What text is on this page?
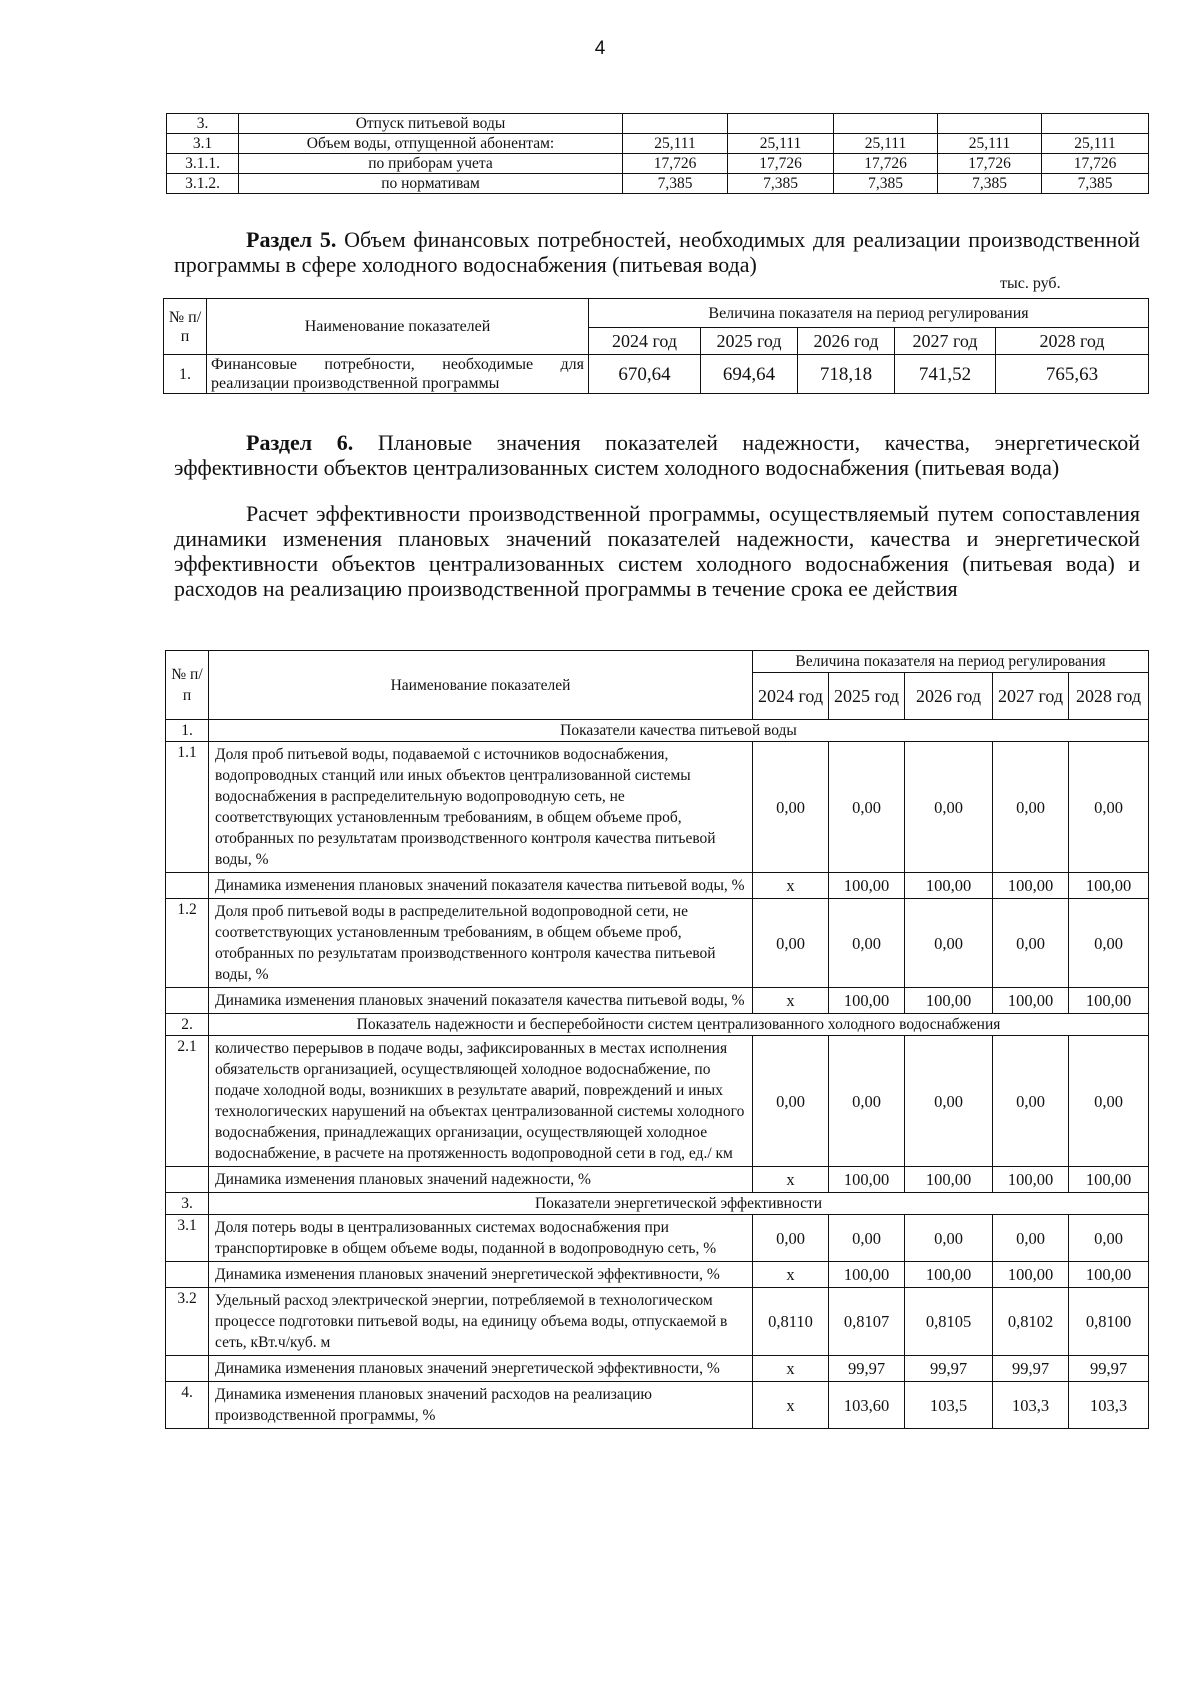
4
3.	Отпуск питьевой воды					
3.1	Объем воды, отпущенной абонентам:	25,111	25,111	25,111	25,111	25,111
3.1.1.	по приборам учета	17,726	17,726	17,726	17,726	17,726
3.1.2.	по нормативам	7,385	7,385	7,385	7,385	7,385
Раздел 5. Объем финансовых потребностей, необходимых для реализации производственной программы в сфере холодного водоснабжения (питьевая вода)
тыс. руб.
№ п/п	Наименование показателей	Величина показателя на период регулирования				
		2024 год	2025 год	2026 год	2027 год	2028 год
1.	Финансовые потребности, необходимые для реализации производственной программы	670,64	694,64	718,18	741,52	765,63
Раздел 6. Плановые значения показателей надежности, качества, энергетической эффективности объектов централизованных систем холодного водоснабжения (питьевая вода)
Расчет эффективности производственной программы, осуществляемый путем сопоставления динамики изменения плановых значений показателей надежности, качества и энергетической эффективности объектов централизованных систем холодного водоснабжения (питьевая вода) и расходов на реализацию производственной программы в течение срока ее действия
№ п/п	Наименование показателей	Величина показателя на период регулирования				
		2024 год	2025 год	2026 год	2027 год	2028 год
1.	Показатели качества питьевой воды					
1.1	Доля проб питьевой воды, подаваемой с источников водоснабжения, водопроводных станций или иных объектов централизованной системы водоснабжения в распределительную водопроводную сеть, не соответствующих установленным требованиям, в общем объеме проб, отобранных по результатам производственного контроля качества питьевой воды, %	0,00	0,00	0,00	0,00	0,00
	Динамика изменения плановых значений показателя качества питьевой воды, %	х	100,00	100,00	100,00	100,00
1.2	Доля проб питьевой воды в распределительной водопроводной сети, не соответствующих установленным требованиям, в общем объеме проб, отобранных по результатам производственного контроля качества питьевой воды, %	0,00	0,00	0,00	0,00	0,00
	Динамика изменения плановых значений показателя качества питьевой воды, %	х	100,00	100,00	100,00	100,00
2.	Показатель надежности и бесперебойности систем централизованного холодного водоснабжения					
2.1	количество перерывов в подаче воды, зафиксированных в местах исполнения обязательств организацией, осуществляющей холодное водоснабжение, по подаче холодной воды, возникших в результате аварий, повреждений и иных технологических нарушений на объектах централизованной системы холодного водоснабжения, принадлежащих организации, осуществляющей холодное водоснабжение, в расчете на протяженность водопроводной сети в год, ед./ км	0,00	0,00	0,00	0,00	0,00
	Динамика изменения плановых значений надежности, %	х	100,00	100,00	100,00	100,00
3.	Показатели энергетической эффективности					
3.1	Доля потерь воды в централизованных системах водоснабжения при транспортировке в общем объеме воды, поданной в водопроводную сеть, %	0,00	0,00	0,00	0,00	0,00
	Динамика изменения плановых значений энергетической эффективности, %	х	100,00	100,00	100,00	100,00
3.2	Удельный расход электрической энергии, потребляемой в технологическом процессе подготовки питьевой воды, на единицу объема воды, отпускаемой в сеть, кВт.ч/куб. м	0,8110	0,8107	0,8105	0,8102	0,8100
	Динамика изменения плановых значений энергетической эффективности, %	х	99,97	99,97	99,97	99,97
4.	Динамика изменения плановых значений расходов на реализацию производственной программы, %	х	103,60	103,5	103,3	103,3
